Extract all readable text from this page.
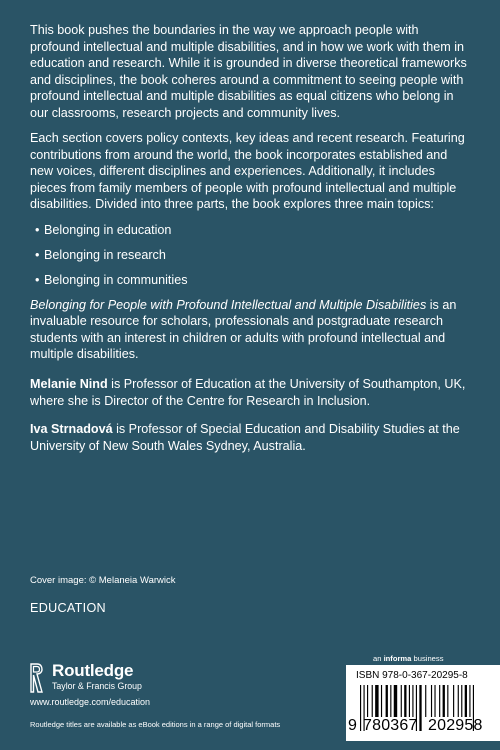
This book pushes the boundaries in the way we approach people with profound intellectual and multiple disabilities, and in how we work with them in education and research. While it is grounded in diverse theoretical frameworks and disciplines, the book coheres around a commitment to seeing people with profound intellectual and multiple disabilities as equal citizens who belong in our classrooms, research projects and community lives.

Each section covers policy contexts, key ideas and recent research. Featuring contributions from around the world, the book incorporates established and new voices, different disciplines and experiences. Additionally, it includes pieces from family members of people with profound intellectual and multiple disabilities. Divided into three parts, the book explores three main topics:

• Belonging in education
• Belonging in research
• Belonging in communities

Belonging for People with Profound Intellectual and Multiple Disabilities is an invaluable resource for scholars, professionals and postgraduate research students with an interest in children or adults with profound intellectual and multiple disabilities.

Melanie Nind is Professor of Education at the University of Southampton, UK, where she is Director of the Centre for Research in Inclusion.

Iva Strnadová is Professor of Special Education and Disability Studies at the University of New South Wales Sydney, Australia.

Cover image: © Melaneia Warwick
EDUCATION
Routledge
Taylor & Francis Group
www.routledge.com/education
Routledge titles are available as eBook editions in a range of digital formats
an informa business
ISBN 978-0-367-20295-8
9 780367 202958
